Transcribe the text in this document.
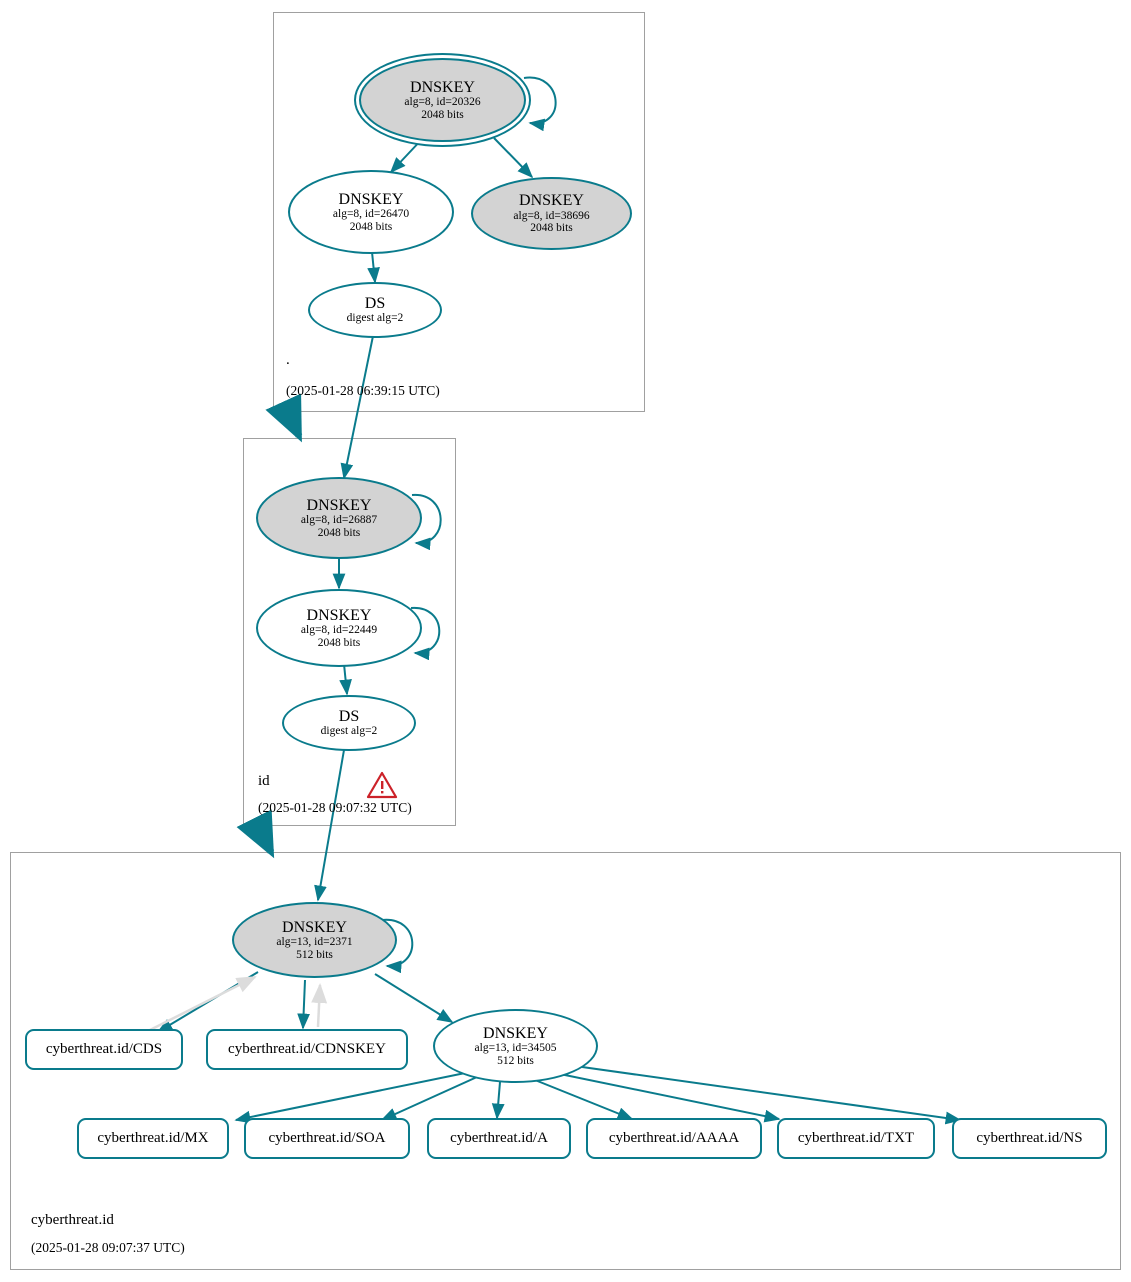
DNSKEY
alg=8, id=20326
2048 bits
DNSKEY
alg=8, id=26470
2048 bits
DNSKEY
alg=8, id=38696
2048 bits
DS
digest alg=2
.
(2025-01-28 06:39:15 UTC)
DNSKEY
alg=8, id=26887
2048 bits
DNSKEY
alg=8, id=22449
2048 bits
DS
digest alg=2
id
(2025-01-28 09:07:32 UTC)
DNSKEY
alg=13, id=2371
512 bits
DNSKEY
alg=13, id=34505
512 bits
cyberthreat.id/CDS	cyberthreat.id/CDNSKEY
cyberthreat.id/MX	cyberthreat.id/SOA	cyberthreat.id/A	cyberthreat.id/AAAA	cyberthreat.id/TXT	cyberthreat.id/NS
cyberthreat.id
(2025-01-28 09:07:37 UTC)
